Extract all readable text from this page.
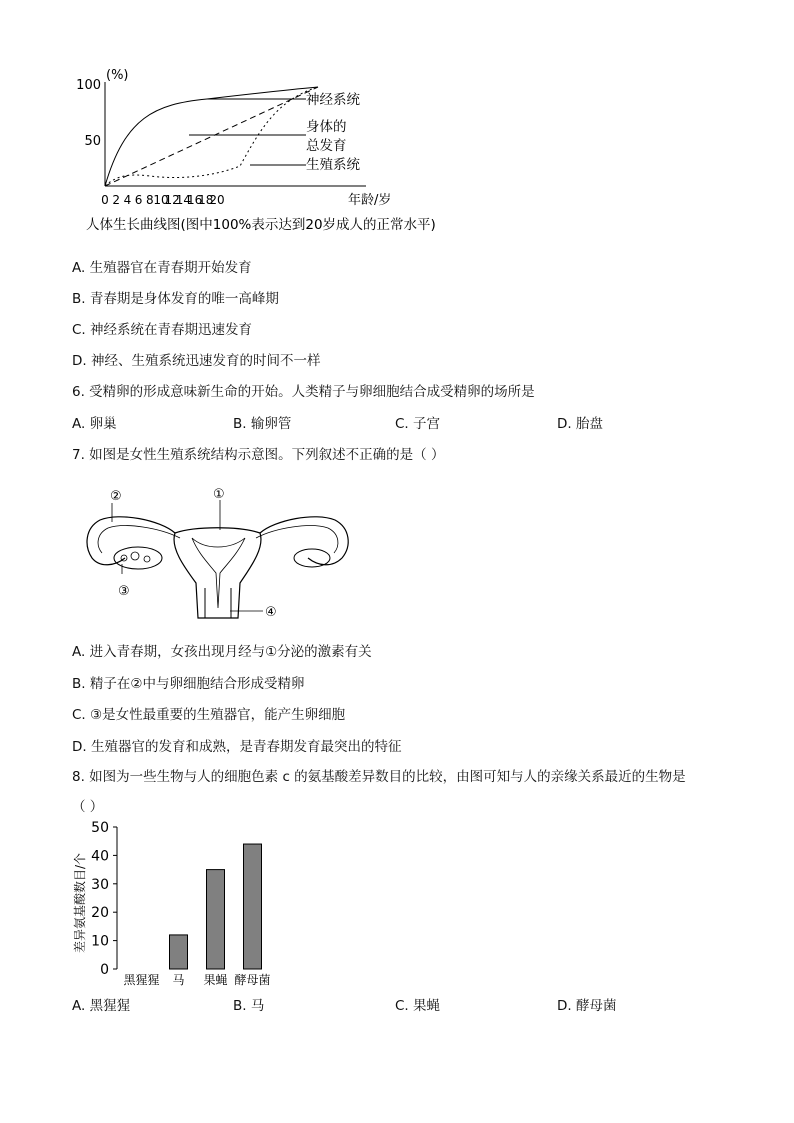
(%)
100
50
0 2 4 6 8 10
12
14
16
18
20	年龄/岁
神经系统
身体的
总发育
生殖系统
人体生长曲线图(图中100%表示达到20岁成人的正常水平)
A. 生殖器官在青春期开始发育
B. 青春期是身体发育的唯一高峰期
C. 神经系统在青春期迅速发育
D. 神经、生殖系统迅速发育的时间不一样
6. 受精卵的形成意味新生命的开始。人类精子与卵细胞结合成受精卵的场所是
A. 卵巢	B. 输卵管	C. 子宫	D. 胎盘
7. 如图是女性生殖系统结构示意图。下列叙述不正确的是（ ）
①
②
③
④
A. 进入青春期，女孩出现月经与①分泌的激素有关
B. 精子在②中与卵细胞结合形成受精卵
C. ③是女性最重要的生殖器官，能产生卵细胞
D. 生殖器官的发育和成熟，是青春期发育最突出的特征
8. 如图为一些生物与人的细胞色素 c 的氨基酸差异数目的比较，由图可知与人的亲缘关系最近的生物是
（ ）
差异氨基酸数目/个
0
10
20
30
40
50
黑猩猩 马 果蝇 酵母菌
A. 黑猩猩	B. 马	C. 果蝇	D. 酵母菌
